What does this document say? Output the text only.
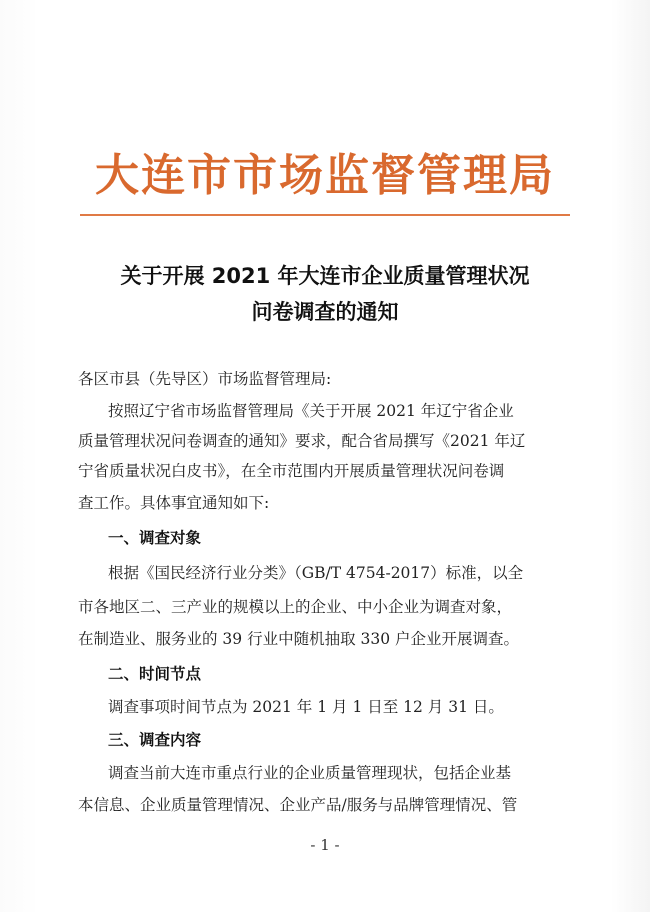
大连市市场监督管理局
关于开展 2021 年大连市企业质量管理状况
问卷调查的通知
各区市县（先导区）市场监督管理局:
按照辽宁省市场监督管理局《关于开展 2021 年辽宁省企业
质量管理状况问卷调查的通知》要求，配合省局撰写《2021 年辽
宁省质量状况白皮书》，在全市范围内开展质量管理状况问卷调
查工作。具体事宜通知如下:
一、调查对象
根据《国民经济行业分类》（GB/T 4754-2017）标准，以全
市各地区二、三产业的规模以上的企业、中小企业为调查对象，
在制造业、服务业的 39 行业中随机抽取 330 户企业开展调查。
二、时间节点
调查事项时间节点为 2021 年 1 月 1 日至 12 月 31 日。
三、调查内容
调查当前大连市重点行业的企业质量管理现状，包括企业基
本信息、企业质量管理情况、企业产品/服务与品牌管理情况、管
- 1 -
